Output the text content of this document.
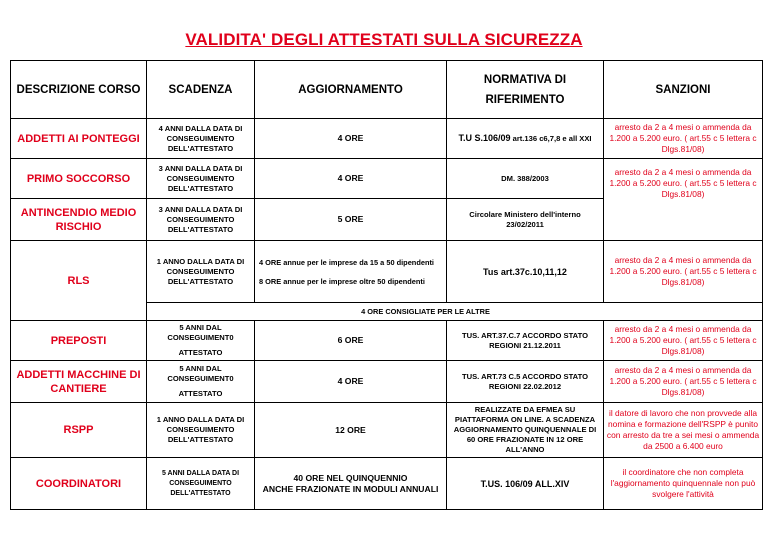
VALIDITA' DEGLI ATTESTATI SULLA SICUREZZA
DESCRIZIONE CORSO	SCADENZA	AGGIORNAMENTO	NORMATIVA DI RIFERIMENTO	SANZIONI
ADDETTI AI PONTEGGI	4 ANNI DALLA DATA DI
CONSEGUIMENTO
DELL'ATTESTATO	4 ORE	T.U S.106/09 art.136 c6,7,8 e all XXI	arresto da 2 a 4 mesi o ammenda da 1.200 a 5.200 euro. ( art.55 c 5 lettera c Dlgs.81/08)
PRIMO SOCCORSO	3 ANNI DALLA DATA DI
CONSEGUIMENTO
DELL'ATTESTATO	4 ORE	DM. 388/2003	arresto da 2 a 4 mesi o ammenda da 1.200 a 5.200 euro. ( art.55 c 5 lettera c Dlgs.81/08)
ANTINCENDIO MEDIO RISCHIO	3 ANNI DALLA DATA DI
CONSEGUIMENTO
DELL'ATTESTATO	5 ORE	Circolare Ministero dell'interno
23/02/2011	
RLS	1 ANNO DALLA DATA DI
CONSEGUIMENTO
DELL'ATTESTATO	4 ORE annue per le imprese da 15 a 50 dipendenti
8 ORE annue per le imprese oltre 50 dipendenti	Tus art.37c.10,11,12	arresto da 2 a 4 mesi o ammenda da 1.200 a 5.200 euro. ( art.55 c 5 lettera c Dlgs.81/08)
	4 ORE CONSIGLIATE PER LE ALTRE			
PREPOSTI	5 ANNI DAL
CONSEGUIMENT0
ATTESTATO	6 ORE	TUS. ART.37.C.7 ACCORDO STATO
REGIONI 21.12.2011	arresto da 2 a 4 mesi o ammenda da 1.200 a 5.200 euro. ( art.55 c 5 lettera c Dlgs.81/08)
ADDETTI MACCHINE DI CANTIERE	5 ANNI DAL
CONSEGUIMENT0
ATTESTATO	4 ORE	TUS. ART.73 C.5 ACCORDO STATO
REGIONI 22.02.2012	arresto da 2 a 4 mesi o ammenda da 1.200 a 5.200 euro. ( art.55 c 5 lettera c Dlgs.81/08)
RSPP	1 ANNO DALLA DATA DI
CONSEGUIMENTO
DELL'ATTESTATO	12 ORE	REALIZZATE DA EFMEA SU
PIATTAFORMA ON LINE. A SCADENZA
AGGIORNAMENTO QUINQUENNALE DI
60 ORE FRAZIONATE IN 12 ORE
ALL'ANNO	il datore di lavoro che non provvede alla nomina e formazione dell'RSPP è punito con arresto da tre a sei mesi o ammenda da 2500 a 6.400 euro
COORDINATORI	5 ANNI DALLA DATA DI
CONSEGUIMENTO
DELL'ATTESTATO	40 ORE NEL QUINQUENNIO
ANCHE FRAZIONATE IN MODULI ANNUALI	T.US. 106/09 ALL.XIV	il coordinatore che non completa l'aggiornamento quinquennale non può svolgere l'attività
